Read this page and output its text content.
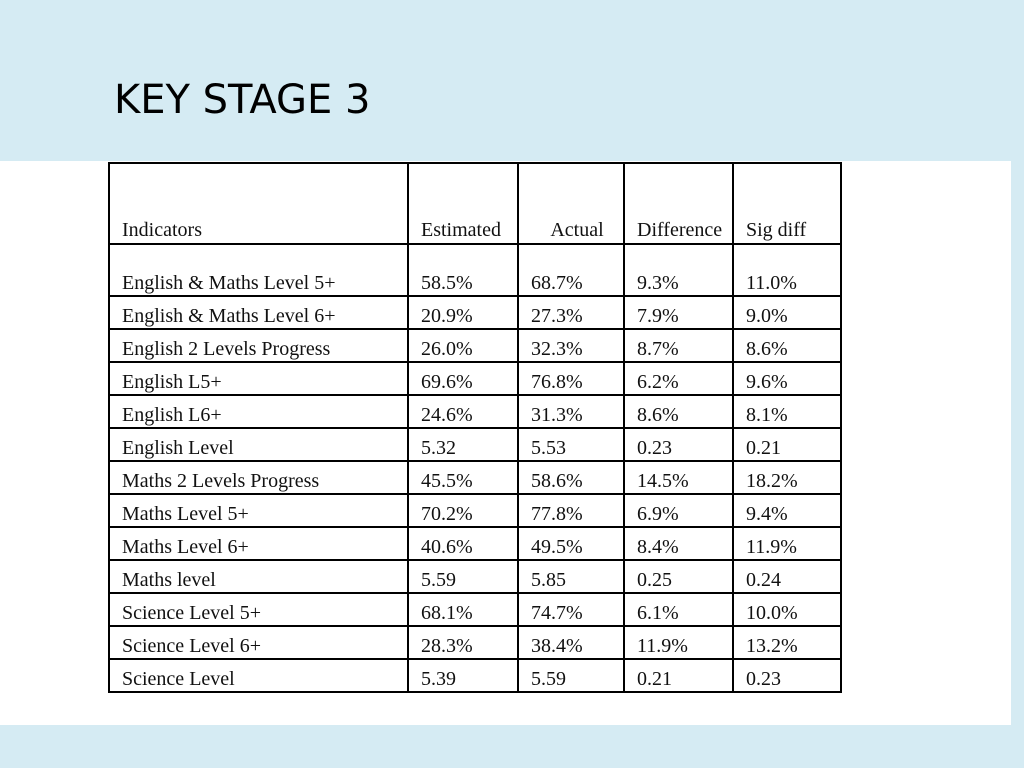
KEY STAGE 3
Indicators	Estimated	Actual	Difference	Sig diff
English & Maths Level 5+	58.5%	68.7%	9.3%	11.0%
English & Maths Level 6+	20.9%	27.3%	7.9%	9.0%
English 2 Levels Progress	26.0%	32.3%	8.7%	8.6%
English L5+	69.6%	76.8%	6.2%	9.6%
English L6+	24.6%	31.3%	8.6%	8.1%
English Level	5.32	5.53	0.23	0.21
Maths 2 Levels Progress	45.5%	58.6%	14.5%	18.2%
Maths Level 5+	70.2%	77.8%	6.9%	9.4%
Maths Level 6+	40.6%	49.5%	8.4%	11.9%
Maths level	5.59	5.85	0.25	0.24
Science Level 5+	68.1%	74.7%	6.1%	10.0%
Science Level 6+	28.3%	38.4%	11.9%	13.2%
Science Level	5.39	5.59	0.21	0.23
